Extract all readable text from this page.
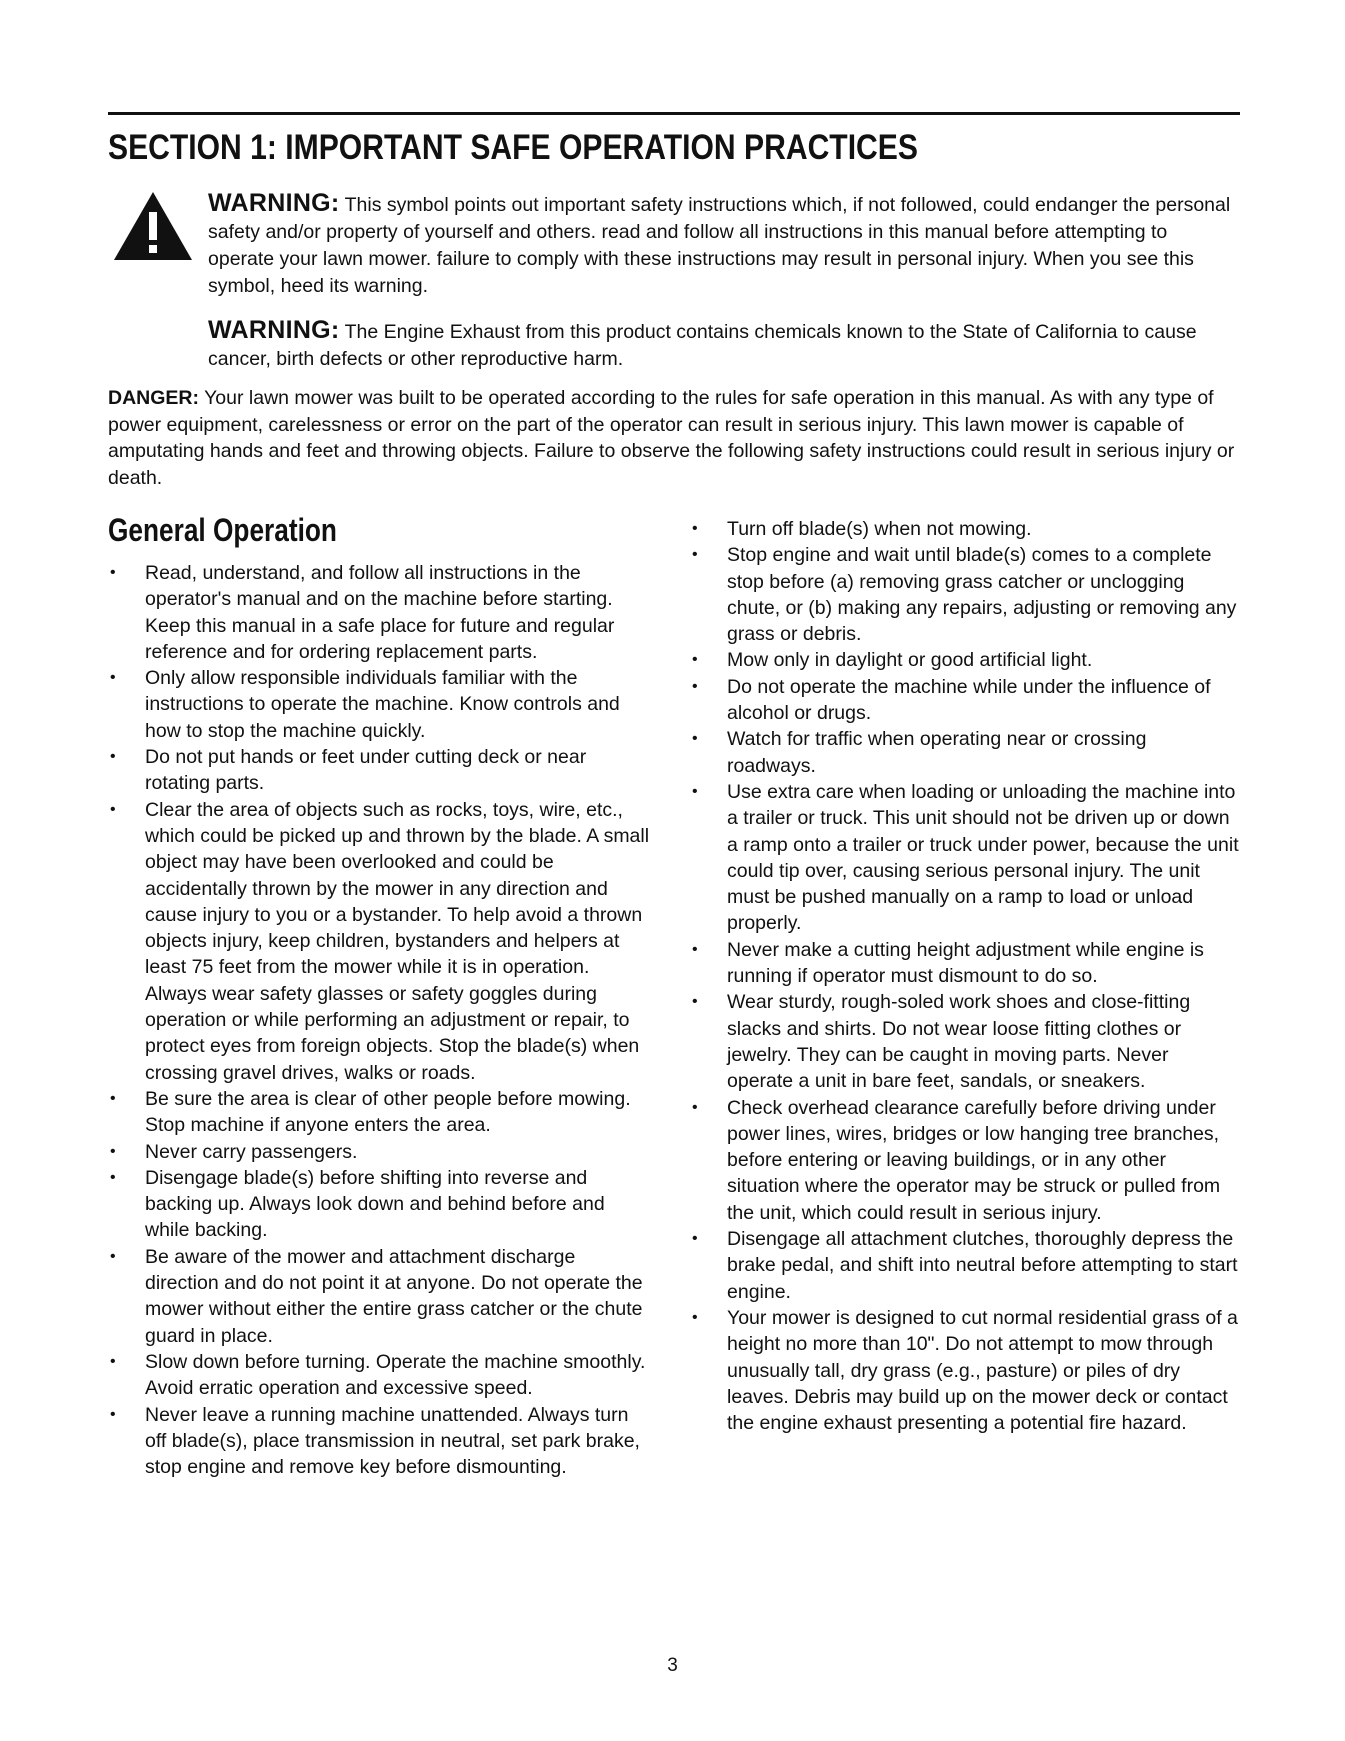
SECTION 1: IMPORTANT SAFE OPERATION PRACTICES
WARNING: This symbol points out important safety instructions which, if not followed, could endanger the personal safety and/or property of yourself and others. read and follow all instructions in this manual before attempting to operate your lawn mower. failure to comply with these instructions may result in personal injury. When you see this symbol, heed its warning.
WARNING: The Engine Exhaust from this product contains chemicals known to the State of California to cause cancer, birth defects or other reproductive harm.
DANGER: Your lawn mower was built to be operated according to the rules for safe operation in this manual. As with any type of power equipment, carelessness or error on the part of the operator can result in serious injury. This lawn mower is capable of amputating hands and feet and throwing objects. Failure to observe the following safety instructions could result in serious injury or death.
General Operation
• Read, understand, and follow all instructions in the operator's manual and on the machine before starting. Keep this manual in a safe place for future and regular reference and for ordering replacement parts.
• Only allow responsible individuals familiar with the instructions to operate the machine. Know controls and how to stop the machine quickly.
• Do not put hands or feet under cutting deck or near rotating parts.
• Clear the area of objects such as rocks, toys, wire, etc., which could be picked up and thrown by the blade. A small object may have been overlooked and could be accidentally thrown by the mower in any direction and cause injury to you or a bystander. To help avoid a thrown objects injury, keep children, bystanders and helpers at least 75 feet from the mower while it is in operation. Always wear safety glasses or safety goggles during operation or while performing an adjustment or repair, to protect eyes from foreign objects. Stop the blade(s) when crossing gravel drives, walks or roads.
• Be sure the area is clear of other people before mowing. Stop machine if anyone enters the area.
• Never carry passengers.
• Disengage blade(s) before shifting into reverse and backing up. Always look down and behind before and while backing.
• Be aware of the mower and attachment discharge direction and do not point it at anyone. Do not operate the mower without either the entire grass catcher or the chute guard in place.
• Slow down before turning. Operate the machine smoothly. Avoid erratic operation and excessive speed.
• Never leave a running machine unattended. Always turn off blade(s), place transmission in neutral, set park brake, stop engine and remove key before dismounting.
• Turn off blade(s) when not mowing.
• Stop engine and wait until blade(s) comes to a complete stop before (a) removing grass catcher or unclogging chute, or (b) making any repairs, adjusting or removing any grass or debris.
• Mow only in daylight or good artificial light.
• Do not operate the machine while under the influence of alcohol or drugs.
• Watch for traffic when operating near or crossing roadways.
• Use extra care when loading or unloading the machine into a trailer or truck. This unit should not be driven up or down a ramp onto a trailer or truck under power, because the unit could tip over, causing serious personal injury. The unit must be pushed manually on a ramp to load or unload properly.
• Never make a cutting height adjustment while engine is running if operator must dismount to do so.
• Wear sturdy, rough-soled work shoes and close-fitting slacks and shirts. Do not wear loose fitting clothes or jewelry. They can be caught in moving parts. Never operate a unit in bare feet, sandals, or sneakers.
• Check overhead clearance carefully before driving under power lines, wires, bridges or low hanging tree branches, before entering or leaving buildings, or in any other situation where the operator may be struck or pulled from the unit, which could result in serious injury.
• Disengage all attachment clutches, thoroughly depress the brake pedal, and shift into neutral before attempting to start engine.
• Your mower is designed to cut normal residential grass of a height no more than 10". Do not attempt to mow through unusually tall, dry grass (e.g., pasture) or piles of dry leaves. Debris may build up on the mower deck or contact the engine exhaust presenting a potential fire hazard.
3
